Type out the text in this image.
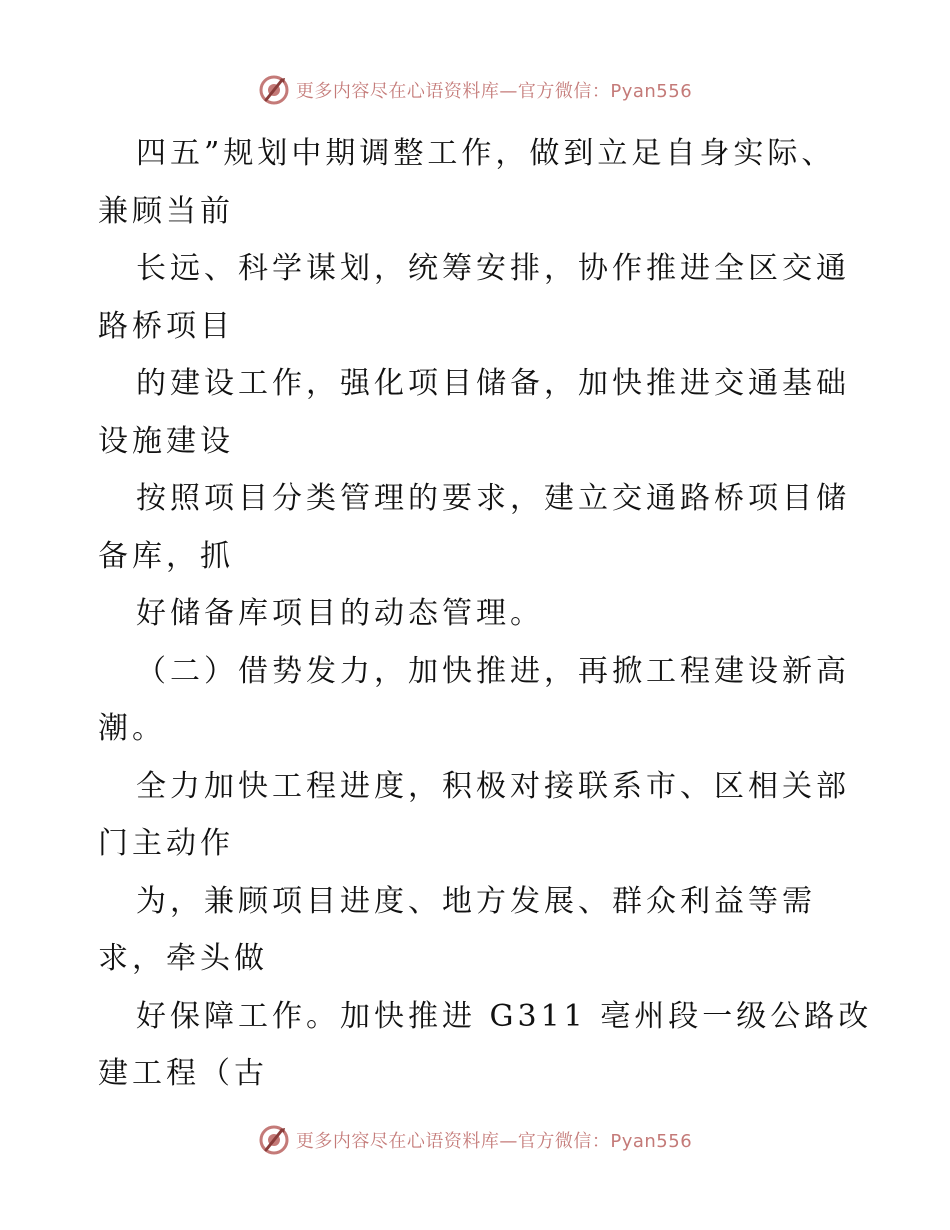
更多内容尽在心语资料库—官方微信：Pyan556
四五”规划中期调整工作，做到立足自身实际、
兼顾当前
长远、科学谋划，统筹安排，协作推进全区交通
路桥项目
的建设工作，强化项目储备，加快推进交通基础
设施建设
按照项目分类管理的要求，建立交通路桥项目储
备库，抓
好储备库项目的动态管理。
（二）借势发力，加快推进，再掀工程建设新高
潮。
全力加快工程进度，积极对接联系市、区相关部
门主动作
为，兼顾项目进度、地方发展、群众利益等需
求，牵头做
好保障工作。加快推进 G311 亳州段一级公路改
建工程（古
更多内容尽在心语资料库—官方微信：Pyan556
